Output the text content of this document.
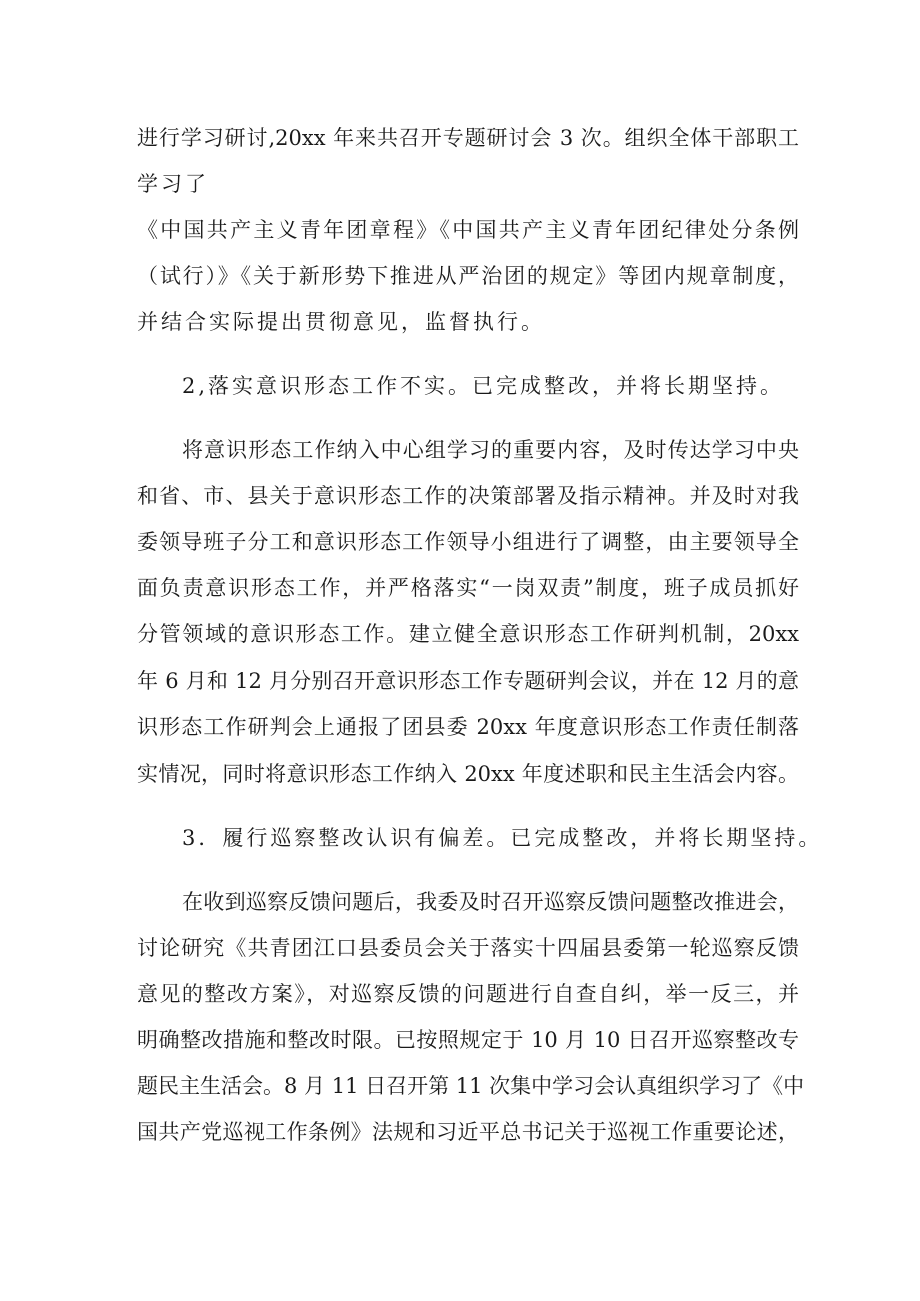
进行学习研讨,20xx 年来共召开专题研讨会 3 次。组织全体干部职工
学习了
《中国共产主义青年团章程》《中国共产主义青年团纪律处分条例
（试行）》《关于新形势下推进从严治团的规定》等团内规章制度，
并结合实际提出贯彻意见，监督执行。
2,落实意识形态工作不实。已完成整改，并将长期坚持。
将意识形态工作纳入中心组学习的重要内容，及时传达学习中央
和省、市、县关于意识形态工作的决策部署及指示精神。并及时对我
委领导班子分工和意识形态工作领导小组进行了调整，由主要领导全
面负责意识形态工作，并严格落实“一岗双责”制度，班子成员抓好
分管领域的意识形态工作。建立健全意识形态工作研判机制，20xx
年 6 月和 12 月分别召开意识形态工作专题研判会议，并在 12 月的意
识形态工作研判会上通报了团县委 20xx 年度意识形态工作责任制落
实情况，同时将意识形态工作纳入 20xx 年度述职和民主生活会内容。
3．履行巡察整改认识有偏差。已完成整改，并将长期坚持。
在收到巡察反馈问题后，我委及时召开巡察反馈问题整改推进会，
讨论研究《共青团江口县委员会关于落实十四届县委第一轮巡察反馈
意见的整改方案》，对巡察反馈的问题进行自查自纠，举一反三，并
明确整改措施和整改时限。已按照规定于 10 月 10 日召开巡察整改专
题民主生活会。8 月 11 日召开第 11 次集中学习会认真组织学习了《中
国共产党巡视工作条例》法规和习近平总书记关于巡视工作重要论述，
